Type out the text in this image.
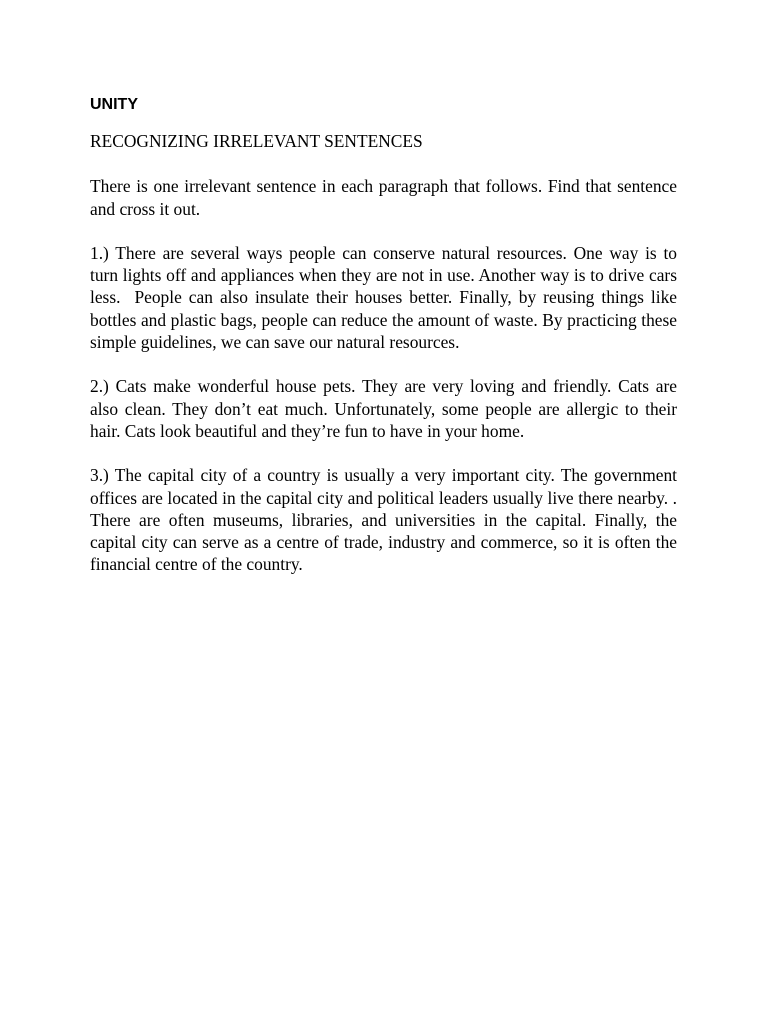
UNITY
RECOGNIZING IRRELEVANT SENTENCES

There is one irrelevant sentence in each paragraph that follows. Find that sentence and cross it out.

1.) There are several ways people can conserve natural resources. One way is to turn lights off and appliances when they are not in use. Another way is to drive cars less.  People can also insulate their houses better. Finally, by reusing things like bottles and plastic bags, people can reduce the amount of waste. By practicing these simple guidelines, we can save our natural resources.

2.) Cats make wonderful house pets. They are very loving and friendly. Cats are also clean. They don’t eat much. Unfortunately, some people are allergic to their hair. Cats look beautiful and they’re fun to have in your home.

3.) The capital city of a country is usually a very important city. The government offices are located in the capital city and political leaders usually live there nearby. . There are often museums, libraries, and universities in the capital. Finally, the capital city can serve as a centre of trade, industry and commerce, so it is often the financial centre of the country.
